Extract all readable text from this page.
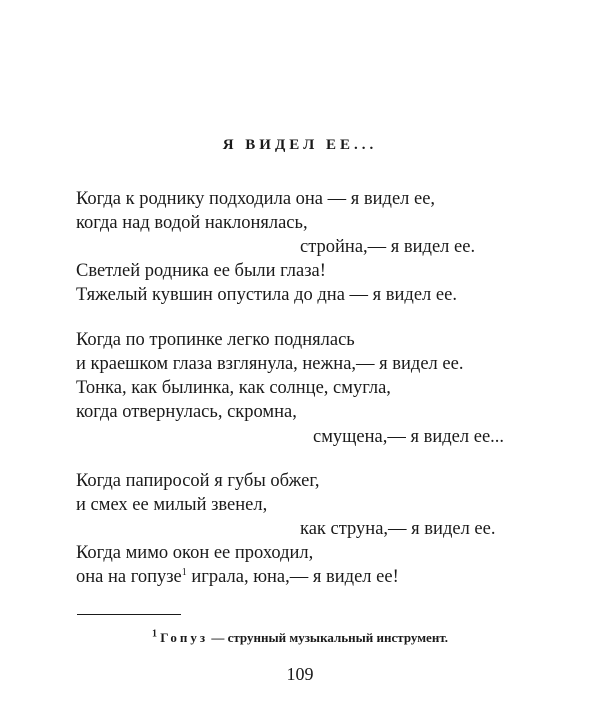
Я ВИДЕЛ ЕЕ...
Когда к роднику подходила она — я видел ее,
когда над водой наклонялась,
стройна,— я видел ее.
Светлей родника ее были глаза!
Тяжелый кувшин опустила до дна — я видел ее.
Когда по тропинке легко поднялась
и краешком глаза взглянула, нежна,— я видел ее.
Тонка, как былинка, как солнце, смугла,
когда отвернулась, скромна,
смущена,— я видел ее...
Когда папиросой я губы обжег,
и смех ее милый звенел,
как струна,— я видел ее.
Когда мимо окон ее проходил,
она на гопузе$^1$ играла, юна,— я видел ее!
$^1$ Гопуз — струнный музыкальный инструмент.
109
